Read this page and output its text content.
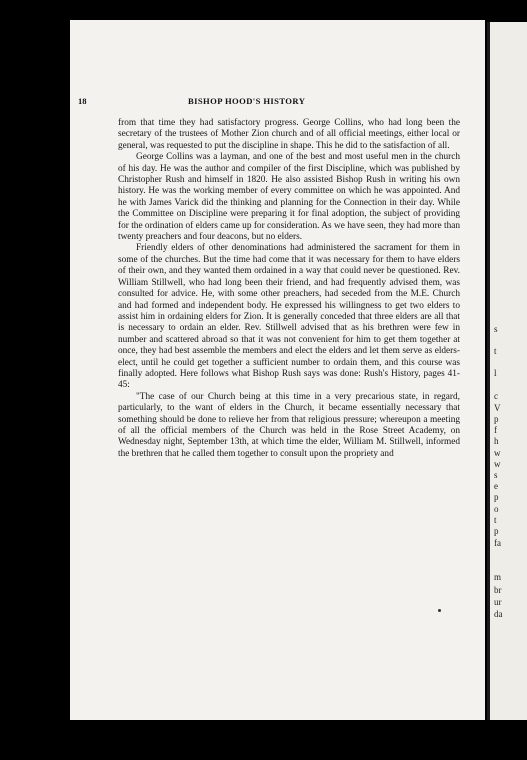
s
t
l
c
V
p
f
h
w
w
s
e
p
o
t
p
fa
m
br
ur
da
18	BISHOP HOOD'S HISTORY

from that time they had satisfactory progress. George Collins, who had long been the secretary of the trustees of Mother Zion church and of all official meetings, either local or general, was requested to put the discipline in shape. This he did to the satisfaction of all.

George Collins was a layman, and one of the best and most useful men in the church of his day. He was the author and compiler of the first Discipline, which was published by Christopher Rush and himself in 1820. He also assisted Bishop Rush in writing his own history. He was the working member of every committee on which he was appointed. And he with James Varick did the thinking and planning for the Connection in their day. While the Committee on Discipline were preparing it for final adoption, the subject of providing for the ordination of elders came up for consideration. As we have seen, they had more than twenty preachers and four deacons, but no elders.

Friendly elders of other denominations had administered the sacrament for them in some of the churches. But the time had come that it was necessary for them to have elders of their own, and they wanted them ordained in a way that could never be questioned. Rev. William Stillwell, who had long been their friend, and had frequently advised them, was consulted for advice. He, with some other preachers, had seceded from the M.E. Church and had formed and independent body. He expressed his willingness to get two elders to assist him in ordaining elders for Zion. It is generally conceded that three elders are all that is necessary to ordain an elder. Rev. Stillwell advised that as his brethren were few in number and scattered abroad so that it was not convenient for him to get them together at once, they had best assemble the members and elect the elders and let them serve as elders-elect, until he could get together a sufficient number to ordain them, and this course was finally adopted. Here follows what Bishop Rush says was done: Rush's History, pages 41-45:

"The case of our Church being at this time in a very precarious state, in regard, particularly, to the want of elders in the Church, it became essentially necessary that something should be done to relieve her from that religious pressure; whereupon a meeting of all the official members of the Church was held in the Rose Street Academy, on Wednesday night, September 13th, at which time the elder, William M. Stillwell, informed the brethren that he called them together to consult upon the propriety and
